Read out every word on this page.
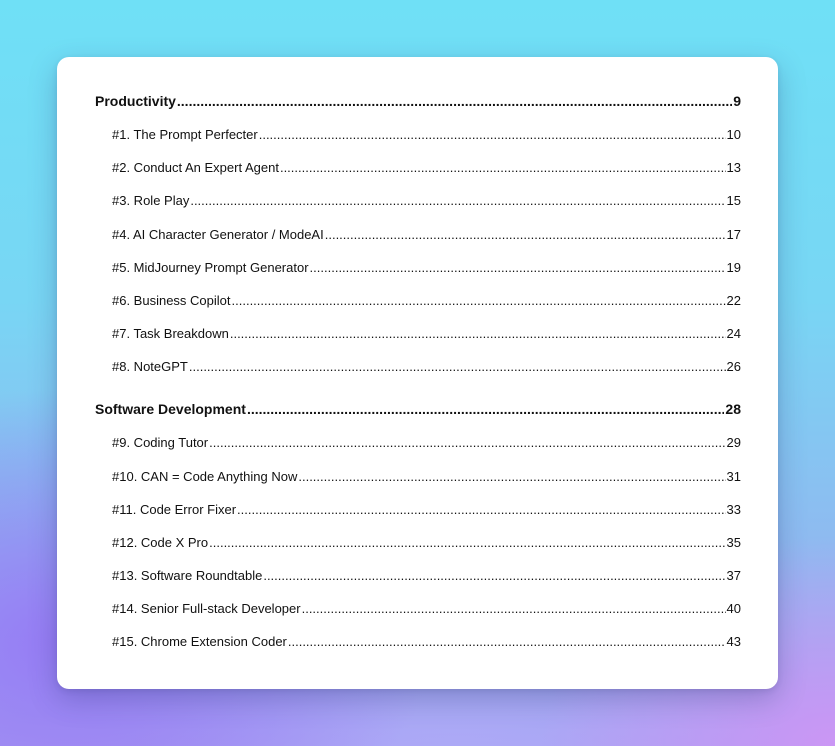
Productivity .....	9
#1. The Prompt Perfecter .....	10
#2. Conduct An Expert Agent .....	13
#3. Role Play .....	15
#4. AI Character Generator / ModeAI .....	17
#5. MidJourney Prompt Generator .....	19
#6. Business Copilot .....	22
#7. Task Breakdown .....	24
#8. NoteGPT .....	26
Software Development .....	28
#9. Coding Tutor .....	29
#10. CAN = Code Anything Now .....	31
#11. Code Error Fixer .....	33
#12. Code X Pro .....	35
#13. Software Roundtable .....	37
#14. Senior Full-stack Developer .....	40
#15. Chrome Extension Coder .....	43
